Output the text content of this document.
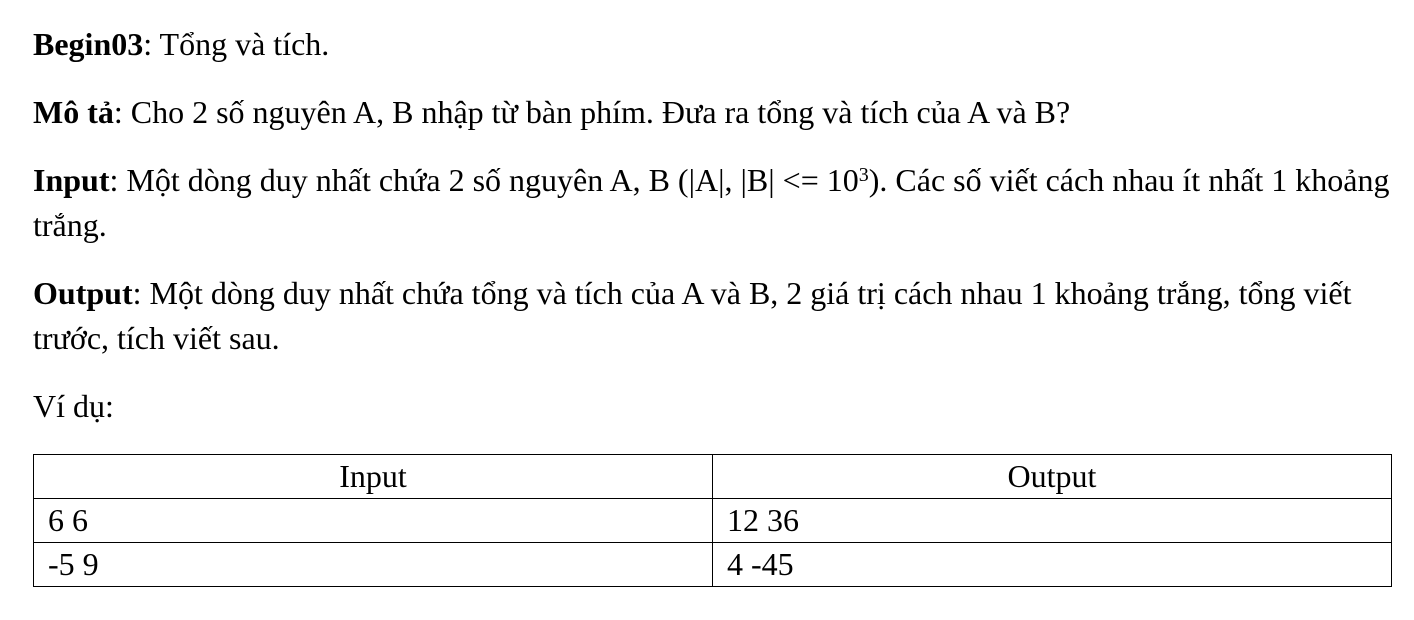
Begin03: Tổng và tích.

Mô tả: Cho 2 số nguyên A, B nhập từ bàn phím. Đưa ra tổng và tích của A và B?

Input: Một dòng duy nhất chứa 2 số nguyên A, B (|A|, $|B| <= 10^3$). Các số viết cách nhau ít nhất 1 khoảng trắng.

Output: Một dòng duy nhất chứa tổng và tích của A và B, 2 giá trị cách nhau 1 khoảng trắng, tổng viết trước, tích viết sau.

Ví dụ:

Input	Output
6 6	12 36
-5 9	4 -45
